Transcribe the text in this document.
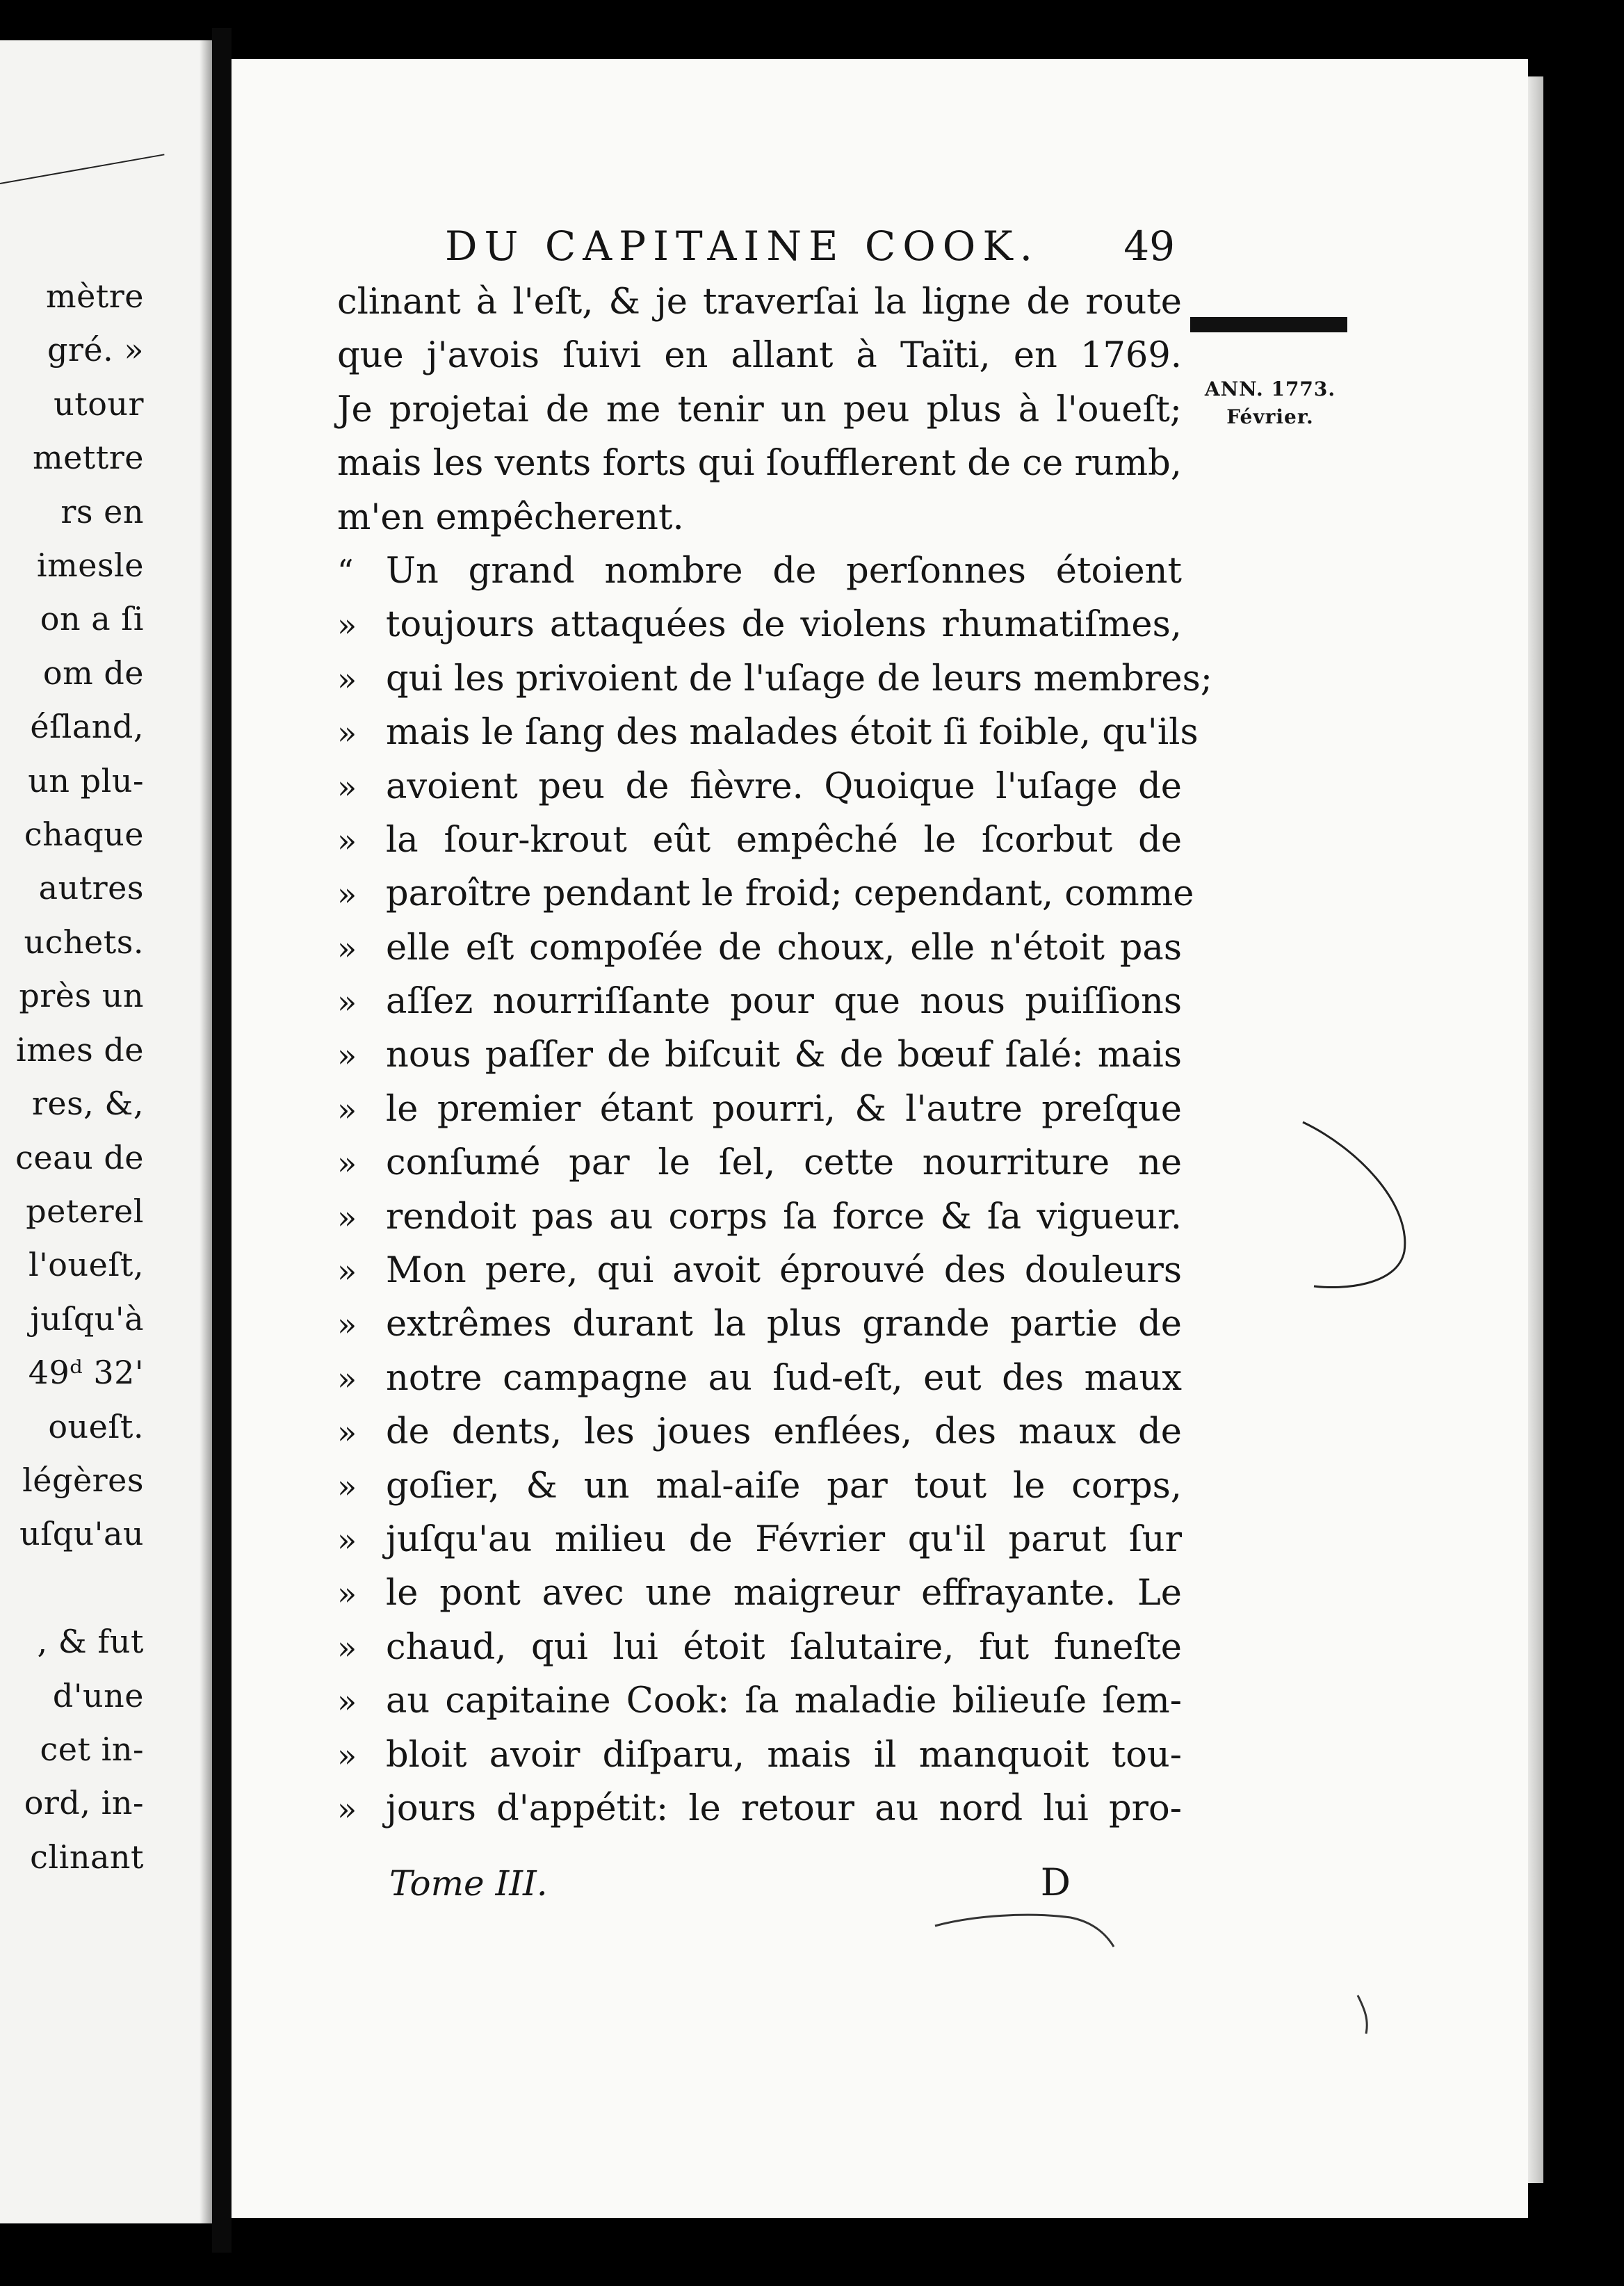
mètre
gré. »
utour
mettre
rs en
imesle
on a ſi
om de
éſland,
un plu-
chaque
autres
uchets.
près un
imes de
res, &,
ceau de
peterel
l'oueſt,
juſqu'à
49ᵈ 32'
oueſt.
légères
uſqu'au
, & fut
d'une
cet in-
ord, in-
clinant
DU CAPITAINE COOK. 49
ANN. 1773.
Février.
clinant à l'eſt, & je traverſai la ligne de route
que j'avois ſuivi en allant à Taïti, en 1769.
Je projetai de me tenir un peu plus à l'oueſt;
mais les vents forts qui ſoufflerent de ce rumb,
m'en empêcherent.
“ Un grand nombre de perſonnes étoient
» toujours attaquées de violens rhumatiſmes,
» qui les privoient de l'uſage de leurs membres;
» mais le ſang des malades étoit ſi foible, qu'ils
» avoient peu de fièvre. Quoique l'uſage de
» la ſour-krout eût empêché le ſcorbut de
» paroître pendant le froid; cependant, comme
» elle eſt compoſée de choux, elle n'étoit pas
» aſſez nourriſſante pour que nous puiſſions
» nous paſſer de biſcuit & de bœuf ſalé: mais
» le premier étant pourri, & l'autre preſque
» conſumé par le ſel, cette nourriture ne
» rendoit pas au corps ſa force & ſa vigueur.
» Mon pere, qui avoit éprouvé des douleurs
» extrêmes durant la plus grande partie de
» notre campagne au ſud-eſt, eut des maux
» de dents, les joues enflées, des maux de
» goſier, & un mal-aiſe par tout le corps,
» juſqu'au milieu de Février qu'il parut ſur
» le pont avec une maigreur effrayante. Le
» chaud, qui lui étoit ſalutaire, fut funeſte
» au capitaine Cook: ſa maladie bilieuſe ſem-
» bloit avoir diſparu, mais il manquoit tou-
» jours d'appétit: le retour au nord lui pro-
Tome III.	D
